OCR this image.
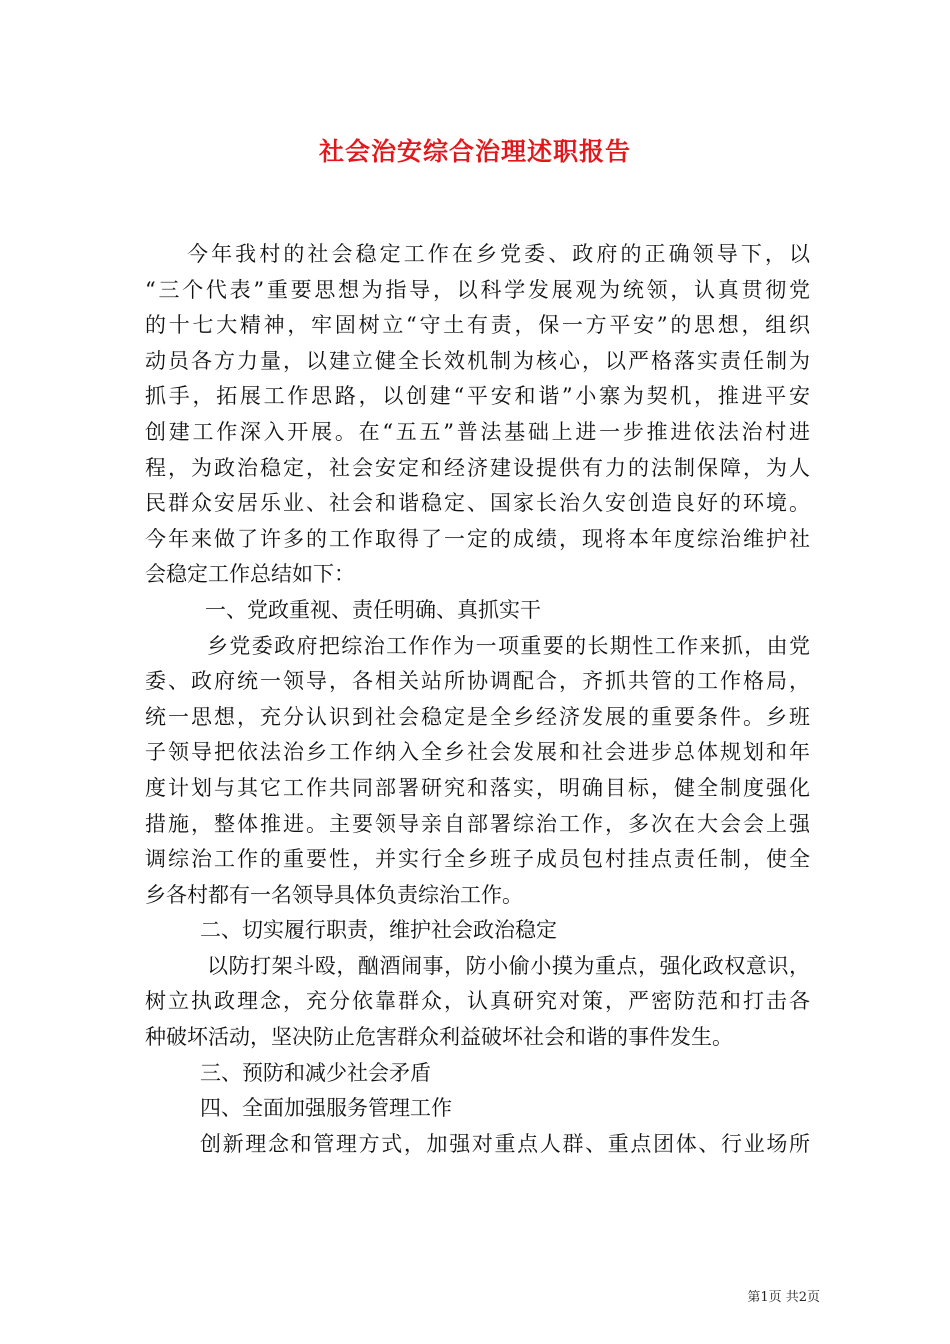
社会治安综合治理述职报告
今年我村的社会稳定工作在乡党委、政府的正确领导下，以
“三个代表”重要思想为指导，以科学发展观为统领，认真贯彻党
的十七大精神，牢固树立“守土有责，保一方平安”的思想，组织
动员各方力量，以建立健全长效机制为核心，以严格落实责任制为
抓手，拓展工作思路，以创建“平安和谐”小寨为契机，推进平安
创建工作深入开展。在“五五”普法基础上进一步推进依法治村进
程，为政治稳定，社会安定和经济建设提供有力的法制保障，为人
民群众安居乐业、社会和谐稳定、国家长治久安创造良好的环境。
今年来做了许多的工作取得了一定的成绩，现将本年度综治维护社
会稳定工作总结如下：
一、党政重视、责任明确、真抓实干
乡党委政府把综治工作作为一项重要的长期性工作来抓，由党
委、政府统一领导，各相关站所协调配合，齐抓共管的工作格局，
统一思想，充分认识到社会稳定是全乡经济发展的重要条件。乡班
子领导把依法治乡工作纳入全乡社会发展和社会进步总体规划和年
度计划与其它工作共同部署研究和落实，明确目标，健全制度强化
措施，整体推进。主要领导亲自部署综治工作，多次在大会会上强
调综治工作的重要性，并实行全乡班子成员包村挂点责任制，使全
乡各村都有一名领导具体负责综治工作。
二、切实履行职责，维护社会政治稳定
以防打架斗殴，酗酒闹事，防小偷小摸为重点，强化政权意识，
树立执政理念，充分依靠群众，认真研究对策，严密防范和打击各
种破坏活动，坚决防止危害群众利益破坏社会和谐的事件发生。
三、预防和减少社会矛盾
四、全面加强服务管理工作
创新理念和管理方式，加强对重点人群、重点团体、行业场所
第1页 共2页
